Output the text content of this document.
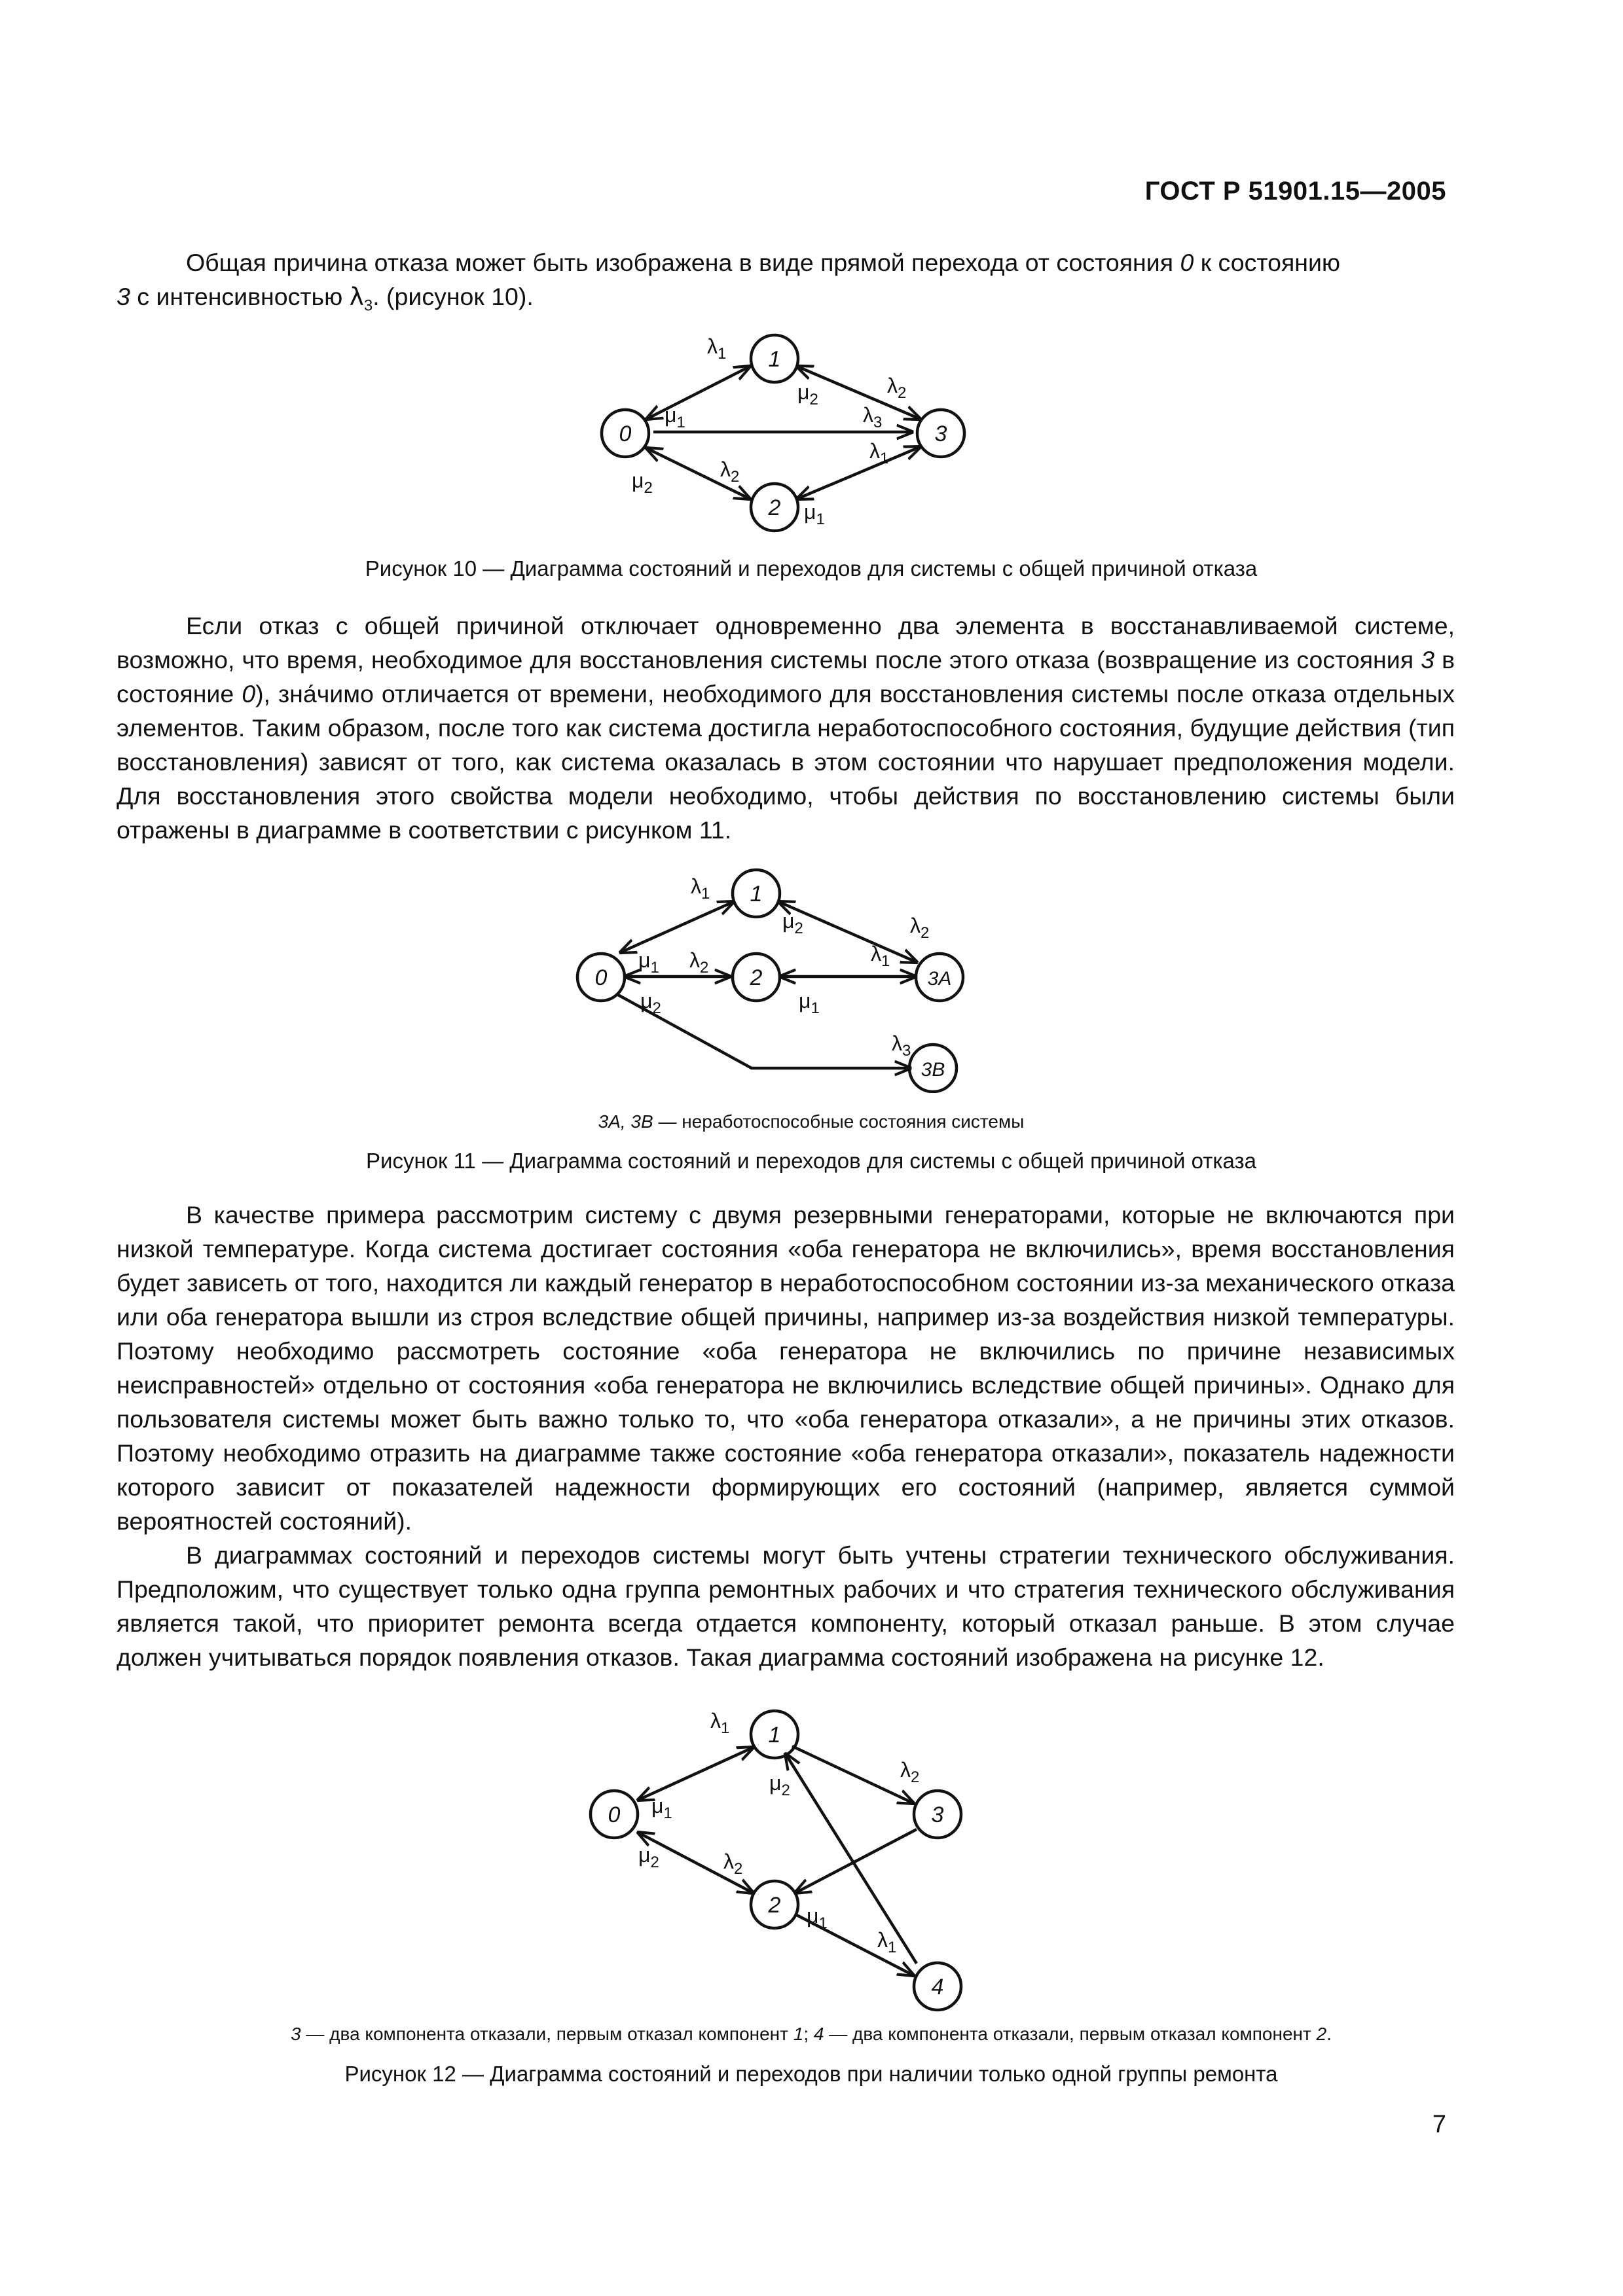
ГОСТ Р 51901.15—2005

Общая причина отказа может быть изображена в виде прямой перехода от состояния 0 к состоянию
3 с интенсивностью $\lambda_3$. (рисунок 10).

0
1
2
3
$\lambda_1$
$\mu_2$
$\lambda_2$
$\mu_1$	$\lambda_3$
$\lambda_1$
$\mu_2$
$\lambda_2$
$\mu_1$
Рисунок 10 — Диаграмма состояний и переходов для системы с общей причиной отказа

Если отказ с общей причиной отключает одновременно два элемента в восстанавливаемой системе, возможно, что время, необходимое для восстановления системы после этого отказа (возвращение из состояния 3 в состояние 0), зна́чимо отличается от времени, необходимого для восстановления системы после отказа отдельных элементов. Таким образом, после того как система достигла неработоспособного состояния, будущие действия (тип восстановления) зависят от того, как система оказалась в этом состоянии что нарушает предположения модели. Для восстановления этого свойства модели необходимо, чтобы действия по восстановлению системы были отражены в диаграмме в соответствии с рисунком 11.

0
1
2	3A
3B
$\lambda_1$
$\mu_2$	$\lambda_2$
$\mu_1$ $\lambda_2$
$\mu_2$
$\lambda_1$
$\mu_1$
$\lambda_3$
3A, 3B — неработоспособные состояния системы
Рисунок 11 — Диаграмма состояний и переходов для системы с общей причиной отказа

В качестве примера рассмотрим систему с двумя резервными генераторами, которые не включаются при низкой температуре. Когда система достигает состояния «оба генератора не включились», время восстановления будет зависеть от того, находится ли каждый генератор в неработоспособном состоянии из-за механического отказа или оба генератора вышли из строя вследствие общей причины, например из-за воздействия низкой температуры. Поэтому необходимо рассмотреть состояние «оба генератора не включились по причине независимых неисправностей» отдельно от состояния «оба генератора не включились вследствие общей причины». Однако для пользователя системы может быть важно только то, что «оба генератора отказали», а не причины этих отказов. Поэтому необходимо отразить на диаграмме также состояние «оба генератора отказали», показатель надежности которого зависит от показателей надежности формирующих его состояний (например, является суммой вероятностей состояний).

В диаграммах состояний и переходов системы могут быть учтены стратегии технического обслуживания. Предположим, что существует только одна группа ремонтных рабочих и что стратегия технического обслуживания является такой, что приоритет ремонта всегда отдается компоненту, который отказал раньше. В этом случае должен учитываться порядок появления отказов. Такая диаграмма состояний изображена на рисунке 12.

0
1
2
3
4
$\lambda_1$
$\mu_1$
$\mu_2$
$\lambda_2$
$\mu_2$	$\lambda_2$
$\mu_1$
$\lambda_1$
3 — два компонента отказали, первым отказал компонент 1; 4 — два компонента отказали, первым отказал компонент 2.
Рисунок 12 — Диаграмма состояний и переходов при наличии только одной группы ремонта
7
